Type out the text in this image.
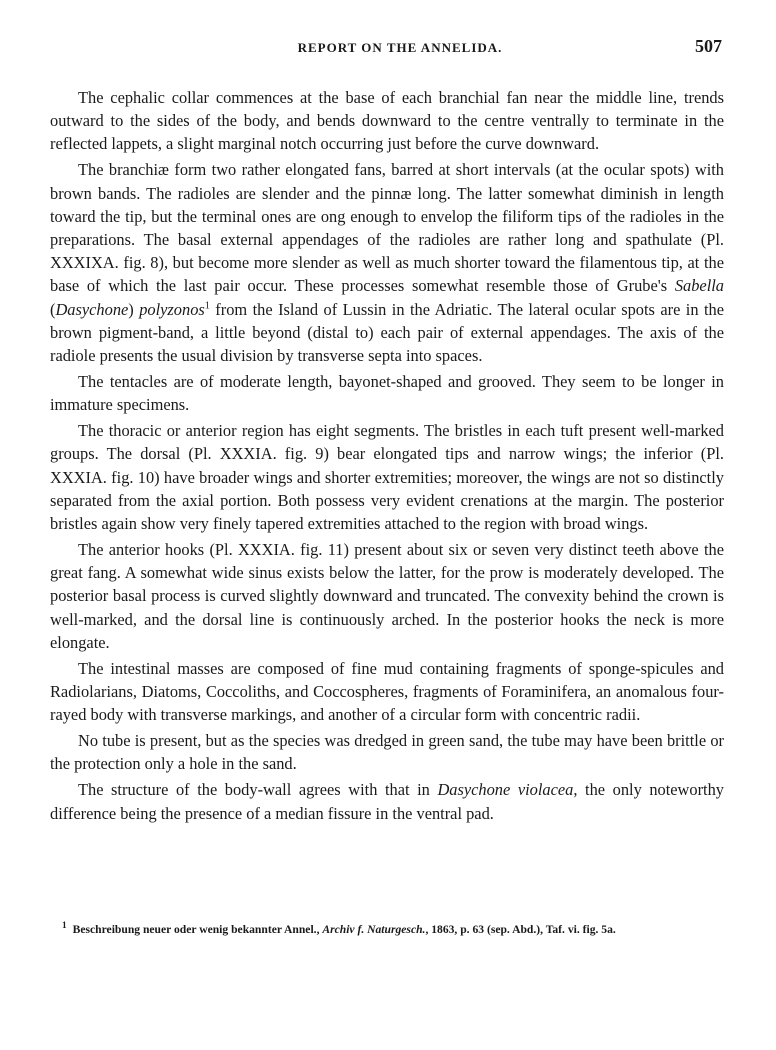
REPORT ON THE ANNELIDA.	507

The cephalic collar commences at the base of each branchial fan near the middle line, trends outward to the sides of the body, and bends downward to the centre ventrally to terminate in the reflected lappets, a slight marginal notch occurring just before the curve downward.

The branchiæ form two rather elongated fans, barred at short intervals (at the ocular spots) with brown bands. The radioles are slender and the pinnæ long. The latter somewhat diminish in length toward the tip, but the terminal ones are ong enough to envelop the filiform tips of the radioles in the preparations. The basal external appendages of the radioles are rather long and spathulate (Pl. XXXIXA. fig. 8), but become more slender as well as much shorter toward the filamentous tip, at the base of which the last pair occur. These processes somewhat resemble those of Grube's Sabella (Dasychone) polyzonos$^1$ from the Island of Lussin in the Adriatic. The lateral ocular spots are in the brown pigment-band, a little beyond (distal to) each pair of external appendages. The axis of the radiole presents the usual division by transverse septa into spaces.

The tentacles are of moderate length, bayonet-shaped and grooved. They seem to be longer in immature specimens.

The thoracic or anterior region has eight segments. The bristles in each tuft present well-marked groups. The dorsal (Pl. XXXIA. fig. 9) bear elongated tips and narrow wings; the inferior (Pl. XXXIA. fig. 10) have broader wings and shorter extremities; moreover, the wings are not so distinctly separated from the axial portion. Both possess very evident crenations at the margin. The posterior bristles again show very finely tapered extremities attached to the region with broad wings.

The anterior hooks (Pl. XXXIA. fig. 11) present about six or seven very distinct teeth above the great fang. A somewhat wide sinus exists below the latter, for the prow is moderately developed. The posterior basal process is curved slightly downward and truncated. The convexity behind the crown is well-marked, and the dorsal line is continuously arched. In the posterior hooks the neck is more elongate.

The intestinal masses are composed of fine mud containing fragments of sponge-spicules and Radiolarians, Diatoms, Coccoliths, and Coccospheres, fragments of Foraminifera, an anomalous four-rayed body with transverse markings, and another of a circular form with concentric radii.

No tube is present, but as the species was dredged in green sand, the tube may have been brittle or the protection only a hole in the sand.

The structure of the body-wall agrees with that in Dasychone violacea, the only noteworthy difference being the presence of a median fissure in the ventral pad.

$^1$ Beschreibung neuer oder wenig bekannter Annel., Archiv f. Naturgesch., 1863, p. 63 (sep. Abd.), Taf. vi. fig. 5a.
